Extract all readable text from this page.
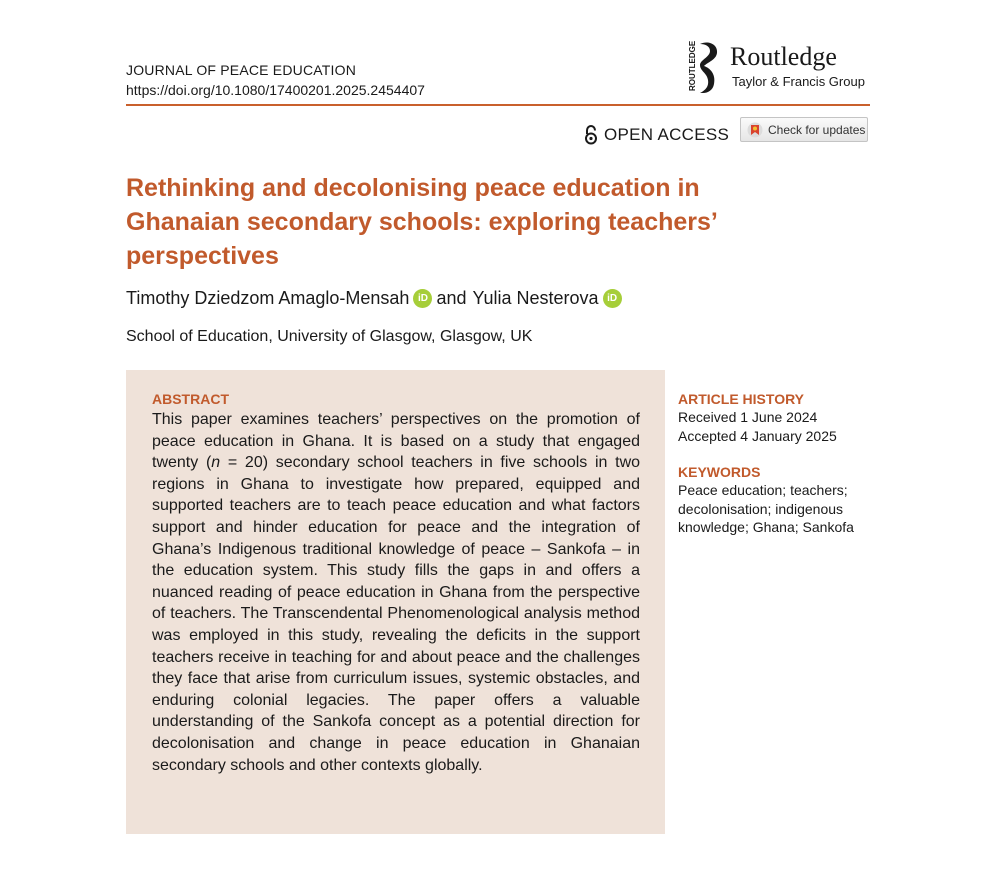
JOURNAL OF PEACE EDUCATION
https://doi.org/10.1080/17400201.2025.2454407	ROUTLEDGE Routledge
Taylor & Francis Group
OPEN ACCESS	Check for updates
Rethinking and decolonising peace education in
Ghanaian secondary schools: exploring teachers’
perspectives
Timothy Dziedzom Amaglo-Mensah iD and Yulia Nesterova iD
School of Education, University of Glasgow, Glasgow, UK
ABSTRACT

This paper examines teachers’ perspectives on the promotion of peace education in Ghana. It is based on a study that engaged twenty (n = 20) secondary school teachers in five schools in two regions in Ghana to investigate how prepared, equipped and supported teachers are to teach peace education and what factors support and hinder education for peace and the integration of Ghana’s Indigenous traditional knowledge of peace – Sankofa – in the education system. This study fills the gaps in and offers a nuanced reading of peace education in Ghana from the perspective of teachers. The Transcendental Phenomenological analysis method was employed in this study, revealing the deficits in the support teachers receive in teaching for and about peace and the challenges they face that arise from curriculum issues, systemic obstacles, and enduring colonial legacies. The paper offers a valuable understanding of the Sankofa concept as a potential direction for decolonisation and change in peace education in Ghanaian secondary schools and other contexts globally.

ARTICLE HISTORY
Received 1 June 2024
Accepted 4 January 2025
KEYWORDS
Peace education; teachers; decolonisation; indigenous knowledge; Ghana; Sankofa
